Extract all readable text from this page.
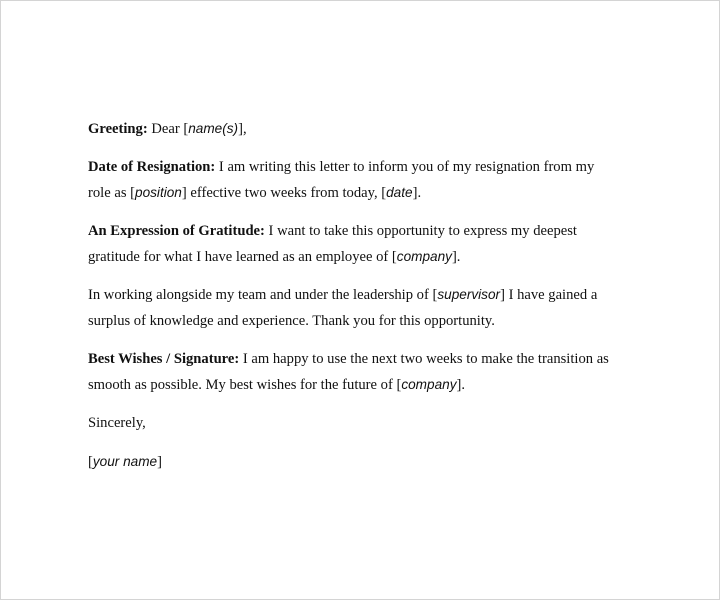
Greeting: Dear [name(s)],
Date of Resignation: I am writing this letter to inform you of my resignation from my
role as [position] effective two weeks from today, [date].
An Expression of Gratitude: I want to take this opportunity to express my deepest
gratitude for what I have learned as an employee of [company].
In working alongside my team and under the leadership of [supervisor] I have gained a
surplus of knowledge and experience. Thank you for this opportunity.
Best Wishes / Signature: I am happy to use the next two weeks to make the transition as
smooth as possible. My best wishes for the future of [company].
Sincerely,
[your name]
